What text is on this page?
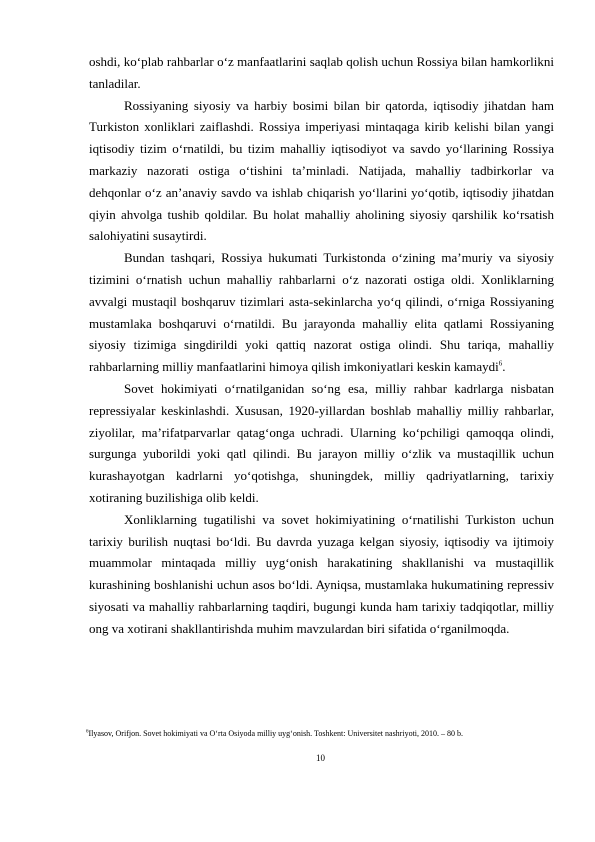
oshdi, ko‘plab rahbarlar o‘z manfaatlarini saqlab qolish uchun Rossiya bilan hamkorlikni tanladilar.

Rossiyaning siyosiy va harbiy bosimi bilan bir qatorda, iqtisodiy jihatdan ham Turkiston xonliklari zaiflashdi. Rossiya imperiyasi mintaqaga kirib kelishi bilan yangi iqtisodiy tizim o‘rnatildi, bu tizim mahalliy iqtisodiyot va savdo yo‘llarining Rossiya markaziy nazorati ostiga o‘tishini ta’minladi. Natijada, mahalliy tadbirkorlar va dehqonlar o‘z an’anaviy savdo va ishlab chiqarish yo‘llarini yo‘qotib, iqtisodiy jihatdan qiyin ahvolga tushib qoldilar. Bu holat mahalliy aholining siyosiy qarshilik ko‘rsatish salohiyatini susaytirdi.

Bundan tashqari, Rossiya hukumati Turkistonda o‘zining ma’muriy va siyosiy tizimini o‘rnatish uchun mahalliy rahbarlarni o‘z nazorati ostiga oldi. Xonliklarning avvalgi mustaqil boshqaruv tizimlari asta-sekinlarcha yo‘q qilindi, o‘rniga Rossiyaning mustamlaka boshqaruvi o‘rnatildi. Bu jarayonda mahalliy elita qatlami Rossiyaning siyosiy tizimiga singdirildi yoki qattiq nazorat ostiga olindi. Shu tariqa, mahalliy rahbarlarning milliy manfaatlarini himoya qilish imkoniyatlari keskin kamaydi$^6$.

Sovet hokimiyati o‘rnatilganidan so‘ng esa, milliy rahbar kadrlarga nisbatan repressiyalar keskinlashdi. Xususan, 1920-yillardan boshlab mahalliy milliy rahbarlar, ziyolilar, ma’rifatparvarlar qatag‘onga uchradi. Ularning ko‘pchiligi qamoqqa olindi, surgunga yuborildi yoki qatl qilindi. Bu jarayon milliy o‘zlik va mustaqillik uchun kurashayotgan kadrlarni yo‘qotishga, shuningdek, milliy qadriyatlarning, tarixiy xotiraning buzilishiga olib keldi.

Xonliklarning tugatilishi va sovet hokimiyatining o‘rnatilishi Turkiston uchun tarixiy burilish nuqtasi bo‘ldi. Bu davrda yuzaga kelgan siyosiy, iqtisodiy va ijtimoiy muammolar mintaqada milliy uyg‘onish harakatining shakllanishi va mustaqillik kurashining boshlanishi uchun asos bo‘ldi. Ayniqsa, mustamlaka hukumatining repressiv siyosati va mahalliy rahbarlarning taqdiri, bugungi kunda ham tarixiy tadqiqotlar, milliy ong va xotirani shakllantirishda muhim mavzulardan biri sifatida o‘rganilmoqda.

$^6$Ilyasov, Orifjon. Sovet hokimiyati va O‘rta Osiyoda milliy uyg‘onish. Toshkent: Universitet nashriyoti, 2010. – 80 b.
10
